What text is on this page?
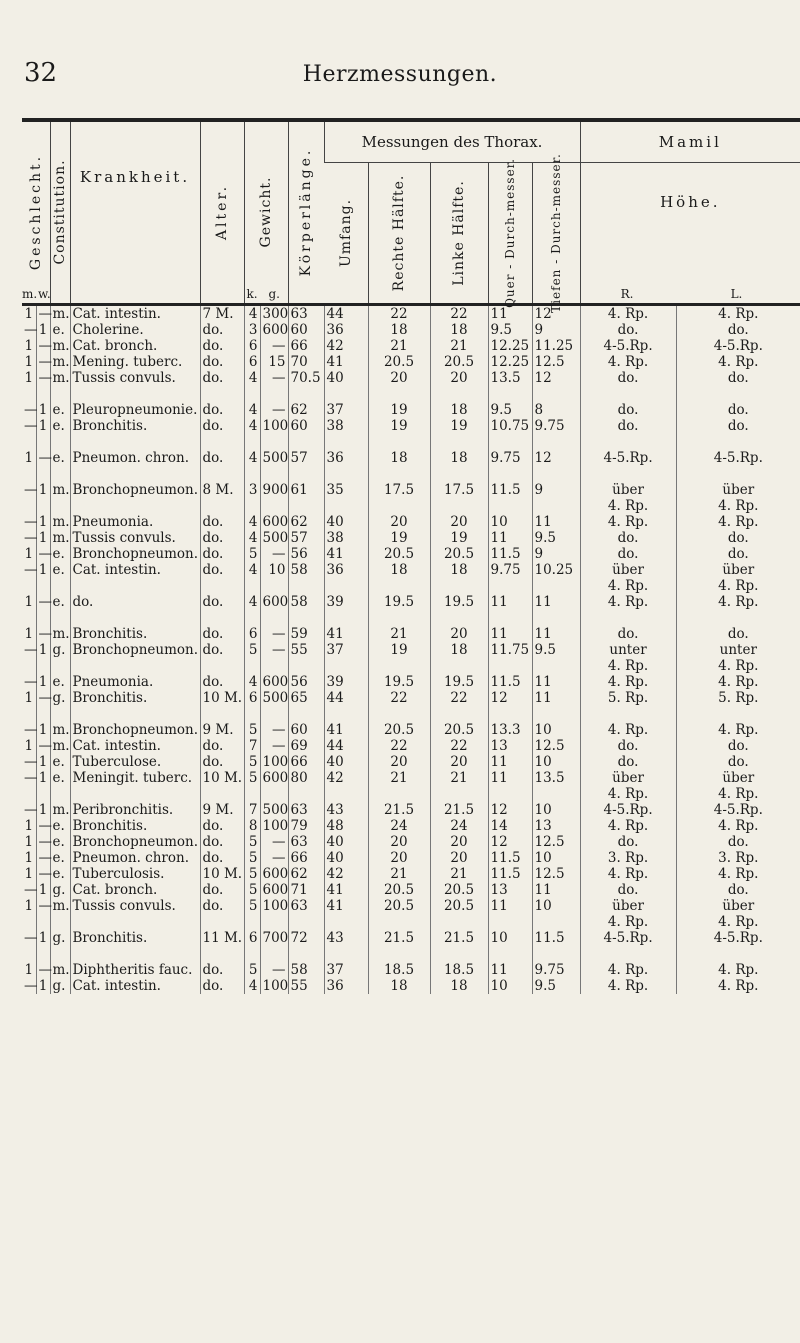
32	Herzmessungen.
Geschlecht.
m. w.		Constitution.	Krankheit.	Alter.	Gewicht.
k. g.		Körperlänge.	Messungen des Thorax.					Mamil	

								Umfang.	Rechte Hälfte.	Linke Hälfte.	Quer - Durch-messer.	Tiefen - Durch-messer.	Höhe.
R. L.	

1	—	m.	Cat. intestin.	7 M.	4	300	63	44	22	22	11	12	4. Rp.	4. Rp.
—	1	e.	Cholerine.	do.	3	600	60	36	18	18	9.5	9	do.	do.
1	—	m.	Cat. bronch.	do.	6	—	66	42	21	21	12.25	11.25	4-5.Rp.	4-5.Rp.
1	—	m.	Mening. tuberc.	do.	6	15	70	41	20.5	20.5	12.25	12.5	4. Rp.	4. Rp.
1	—	m.	Tussis convuls.	do.	4	—	70.5	40	20	20	13.5	12	do.	do.

—	1	e.	Pleuropneumonie.	do.	4	—	62	37	19	18	9.5	8	do.	do.
—	1	e.	Bronchitis.	do.	4	100	60	38	19	19	10.75	9.75	do.	do.

1	—	e.	Pneumon. chron.	do.	4	500	57	36	18	18	9.75	12	4-5.Rp.	4-5.Rp.

—	1	m.	Bronchopneumon.	8 M.	3	900	61	35	17.5	17.5	11.5	9	über	über
													4. Rp.	4. Rp.
—	1	m.	Pneumonia.	do.	4	600	62	40	20	20	10	11	4. Rp.	4. Rp.
—	1	m.	Tussis convuls.	do.	4	500	57	38	19	19	11	9.5	do.	do.
1	—	e.	Bronchopneumon.	do.	5	—	56	41	20.5	20.5	11.5	9	do.	do.
—	1	e.	Cat. intestin.	do.	4	10	58	36	18	18	9.75	10.25	über	über
													4. Rp.	4. Rp.
1	—	e.	do.	do.	4	600	58	39	19.5	19.5	11	11	4. Rp.	4. Rp.

1	—	m.	Bronchitis.	do.	6	—	59	41	21	20	11	11	do.	do.
—	1	g.	Bronchopneumon.	do.	5	—	55	37	19	18	11.75	9.5	unter	unter
													4. Rp.	4. Rp.
—	1	e.	Pneumonia.	do.	4	600	56	39	19.5	19.5	11.5	11	4. Rp.	4. Rp.
1	—	g.	Bronchitis.	10 M.	6	500	65	44	22	22	12	11	5. Rp.	5. Rp.

—	1	m.	Bronchopneumon.	9 M.	5	—	60	41	20.5	20.5	13.3	10	4. Rp.	4. Rp.
1	—	m.	Cat. intestin.	do.	7	—	69	44	22	22	13	12.5	do.	do.
—	1	e.	Tuberculose.	do.	5	100	66	40	20	20	11	10	do.	do.
—	1	e.	Meningit. tuberc.	10 M.	5	600	80	42	21	21	11	13.5	über	über
													4. Rp.	4. Rp.
—	1	m.	Peribronchitis.	9 M.	7	500	63	43	21.5	21.5	12	10	4-5.Rp.	4-5.Rp.
1	—	e.	Bronchitis.	do.	8	100	79	48	24	24	14	13	4. Rp.	4. Rp.
1	—	e.	Bronchopneumon.	do.	5	—	63	40	20	20	12	12.5	do.	do.
1	—	e.	Pneumon. chron.	do.	5	—	66	40	20	20	11.5	10	3. Rp.	3. Rp.
1	—	e.	Tuberculosis.	10 M.	5	600	62	42	21	21	11.5	12.5	4. Rp.	4. Rp.
—	1	g.	Cat. bronch.	do.	5	600	71	41	20.5	20.5	13	11	do.	do.
1	—	m.	Tussis convuls.	do.	5	100	63	41	20.5	20.5	11	10	über	über
													4. Rp.	4. Rp.
—	1	g.	Bronchitis.	11 M.	6	700	72	43	21.5	21.5	10	11.5	4-5.Rp.	4-5.Rp.

1	—	m.	Diphtheritis fauc.	do.	5	—	58	37	18.5	18.5	11	9.75	4. Rp.	4. Rp.
—	1	g.	Cat. intestin.	do.	4	100	55	36	18	18	10	9.5	4. Rp.	4. Rp.
